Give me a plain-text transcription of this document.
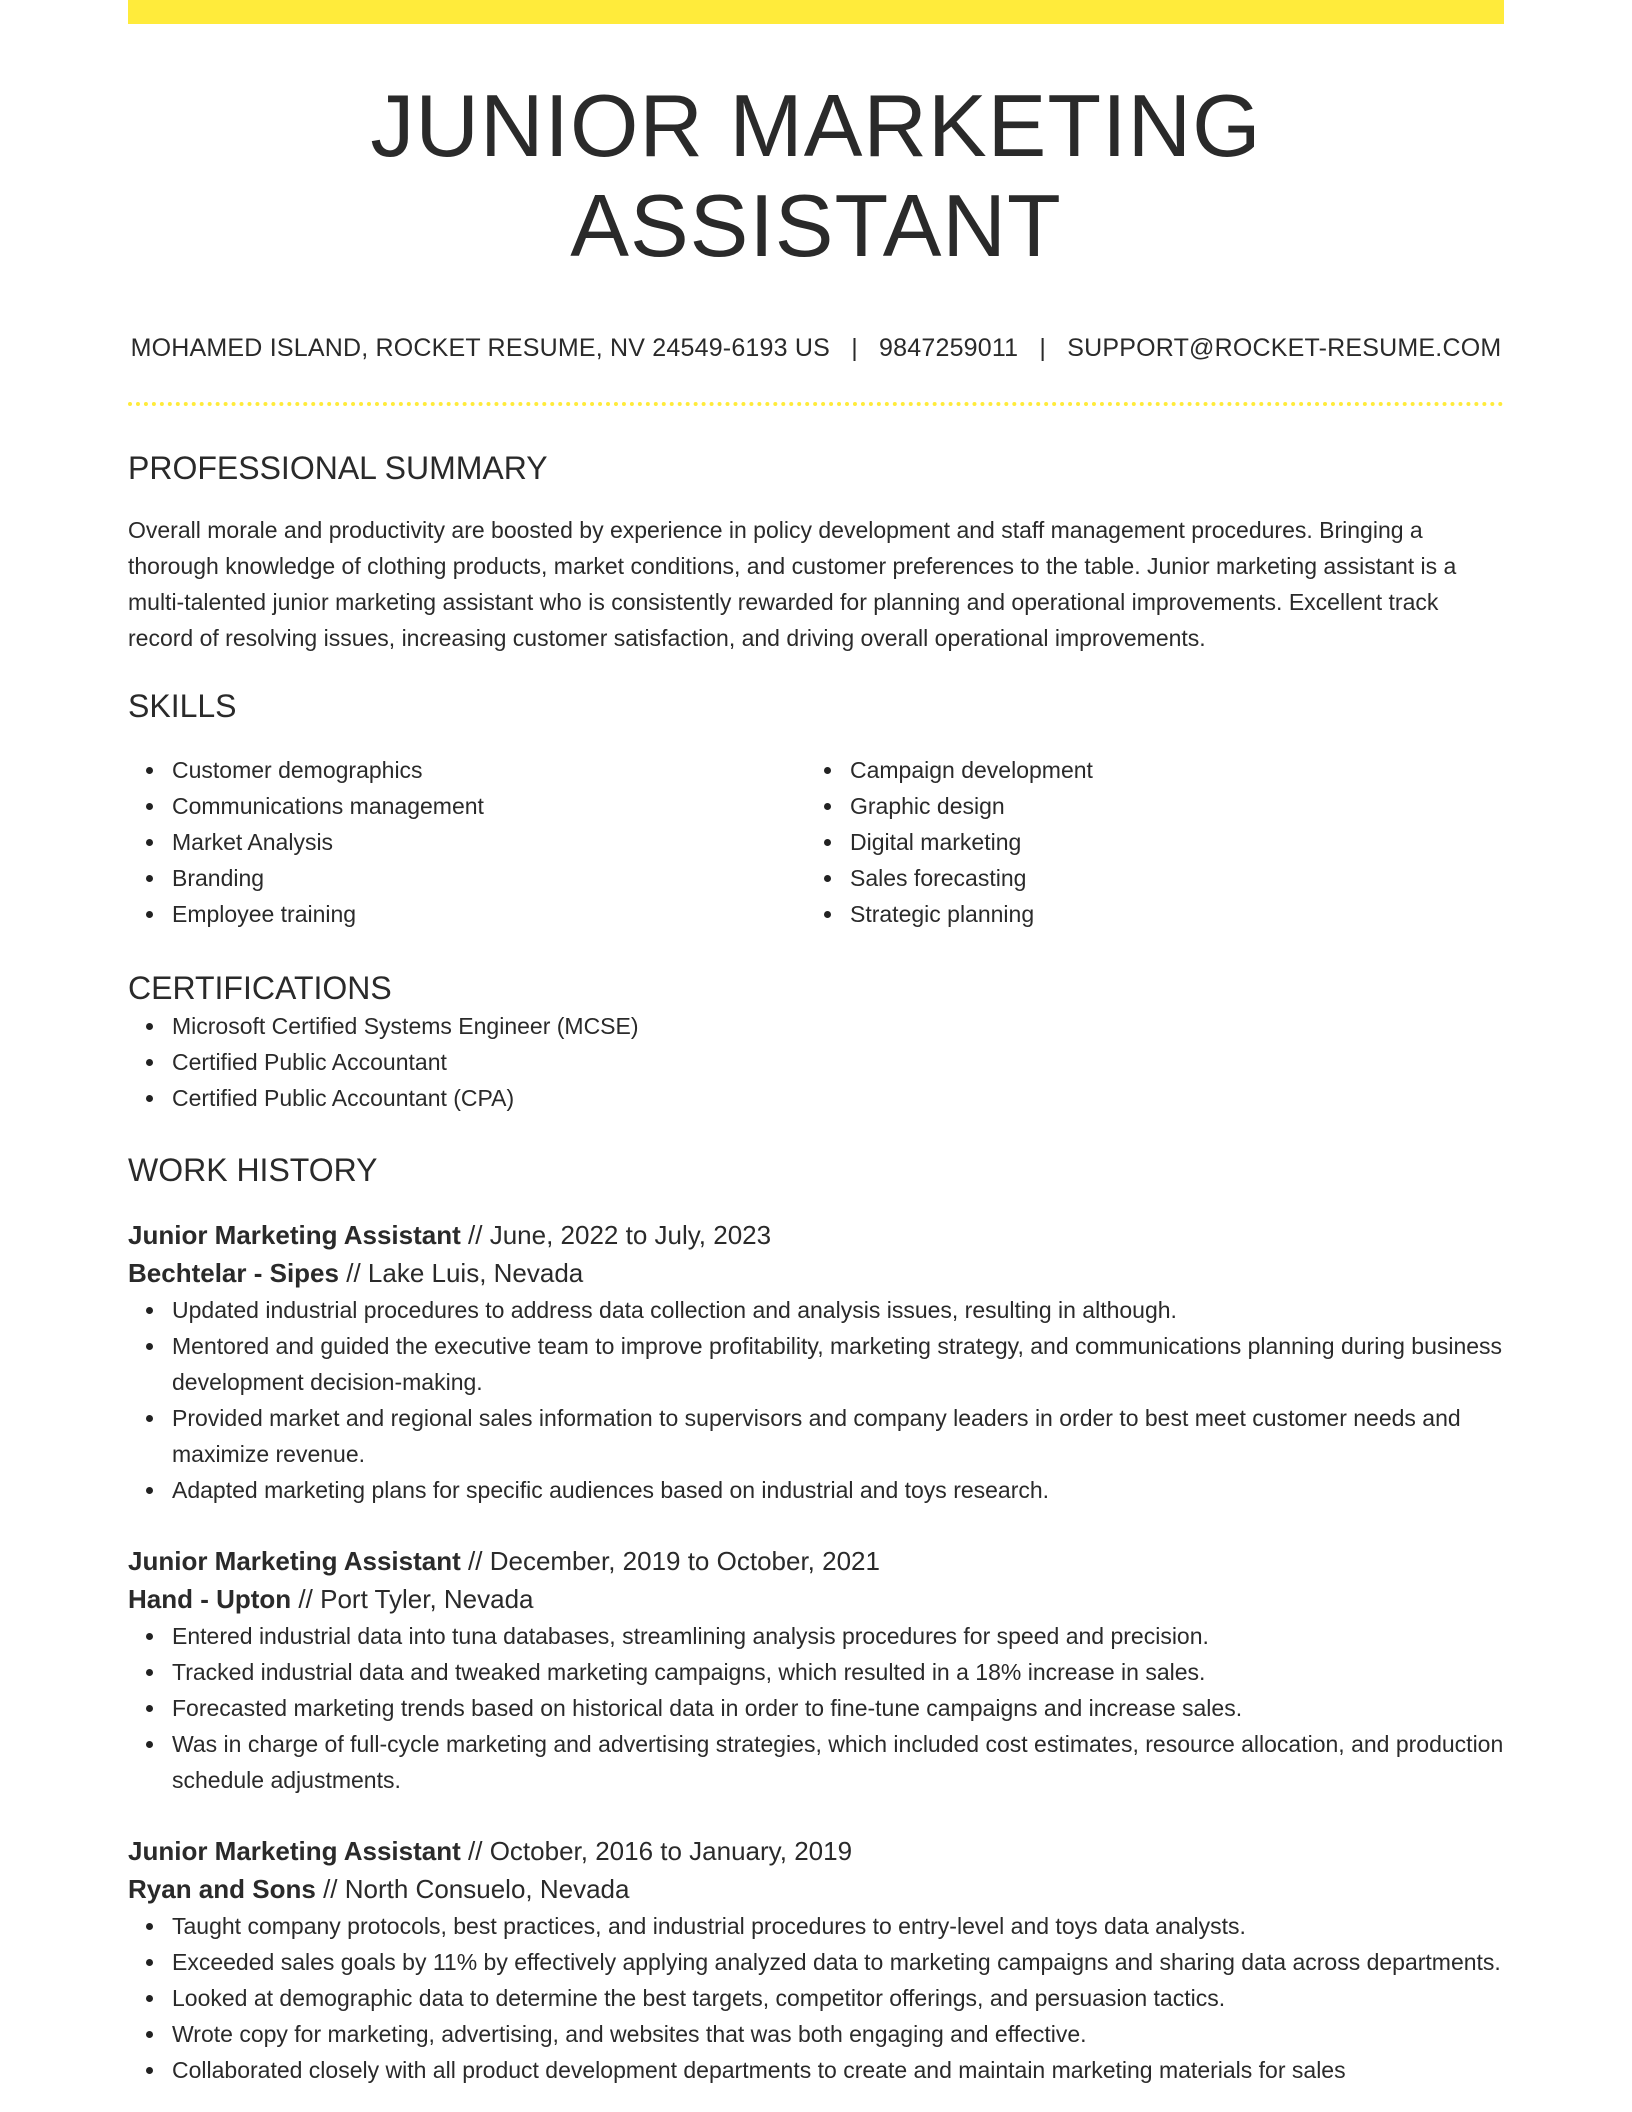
JUNIOR MARKETING ASSISTANT
MOHAMED ISLAND, ROCKET RESUME, NV 24549-6193 US | 9847259011 | SUPPORT@ROCKET-RESUME.COM
PROFESSIONAL SUMMARY
Overall morale and productivity are boosted by experience in policy development and staff management procedures. Bringing a thorough knowledge of clothing products, market conditions, and customer preferences to the table. Junior marketing assistant is a multi-talented junior marketing assistant who is consistently rewarded for planning and operational improvements. Excellent track record of resolving issues, increasing customer satisfaction, and driving overall operational improvements.
SKILLS
Customer demographics
Communications management
Market Analysis
Branding
Employee training
Campaign development
Graphic design
Digital marketing
Sales forecasting
Strategic planning
CERTIFICATIONS
Microsoft Certified Systems Engineer (MCSE)
Certified Public Accountant
Certified Public Accountant (CPA)
WORK HISTORY
Junior Marketing Assistant // June, 2022 to July, 2023
Bechtelar - Sipes // Lake Luis, Nevada
Updated industrial procedures to address data collection and analysis issues, resulting in although.
Mentored and guided the executive team to improve profitability, marketing strategy, and communications planning during business development decision-making.
Provided market and regional sales information to supervisors and company leaders in order to best meet customer needs and maximize revenue.
Adapted marketing plans for specific audiences based on industrial and toys research.
Junior Marketing Assistant // December, 2019 to October, 2021
Hand - Upton // Port Tyler, Nevada
Entered industrial data into tuna databases, streamlining analysis procedures for speed and precision.
Tracked industrial data and tweaked marketing campaigns, which resulted in a 18% increase in sales.
Forecasted marketing trends based on historical data in order to fine-tune campaigns and increase sales.
Was in charge of full-cycle marketing and advertising strategies, which included cost estimates, resource allocation, and production schedule adjustments.
Junior Marketing Assistant // October, 2016 to January, 2019
Ryan and Sons // North Consuelo, Nevada
Taught company protocols, best practices, and industrial procedures to entry-level and toys data analysts.
Exceeded sales goals by 11% by effectively applying analyzed data to marketing campaigns and sharing data across departments.
Looked at demographic data to determine the best targets, competitor offerings, and persuasion tactics.
Wrote copy for marketing, advertising, and websites that was both engaging and effective.
Collaborated closely with all product development departments to create and maintain marketing materials for sales
